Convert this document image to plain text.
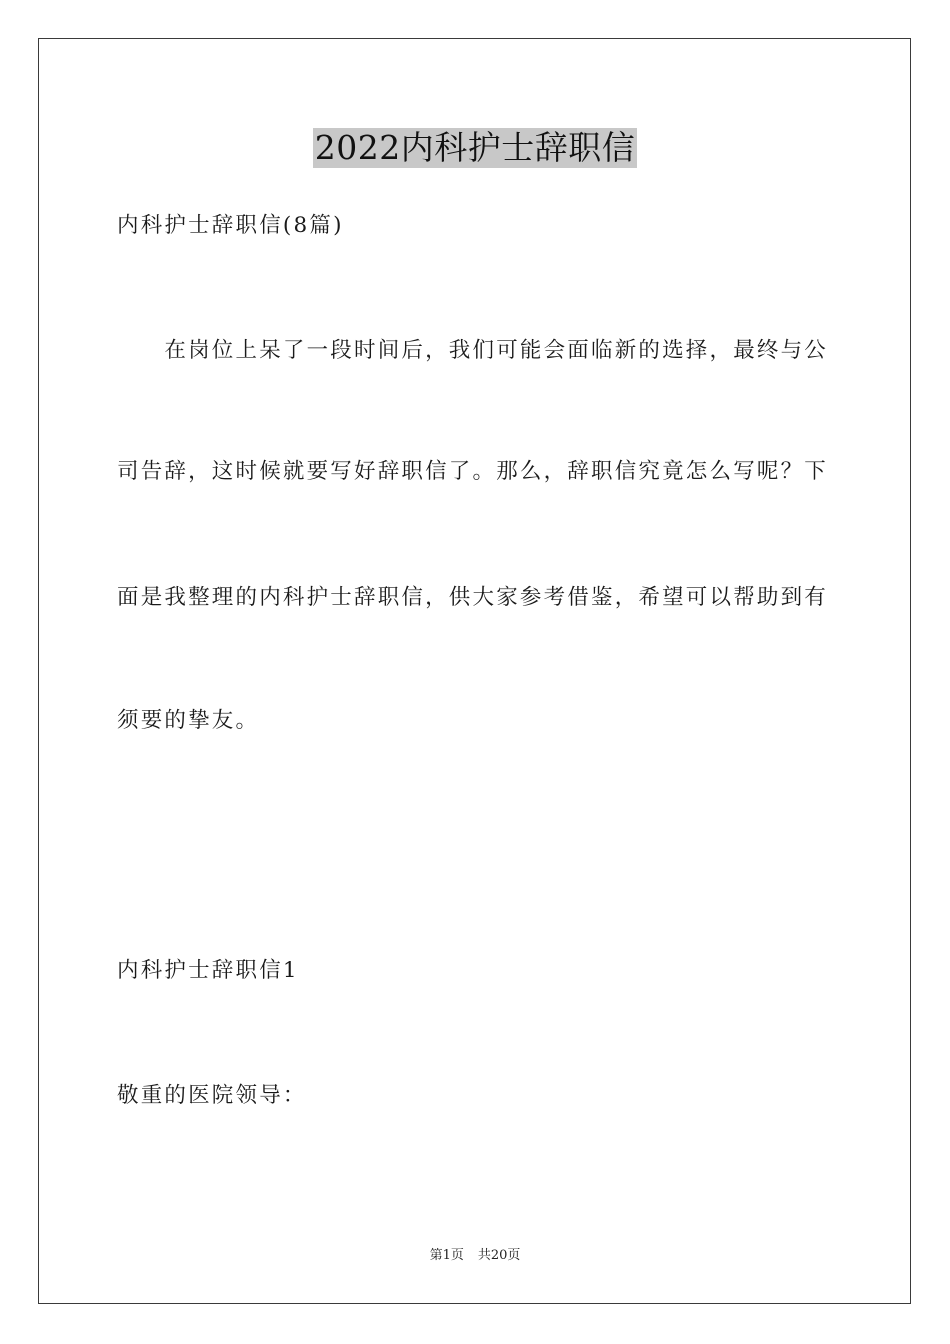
2022内科护士辞职信
内科护士辞职信(8篇)
　　在岗位上呆了一段时间后，我们可能会面临新的选择，最终与公
司告辞，这时候就要写好辞职信了。那么，辞职信究竟怎么写呢？下
面是我整理的内科护士辞职信，供大家参考借鉴，希望可以帮助到有
须要的挚友。
内科护士辞职信1
敬重的医院领导：
第1页 共20页
